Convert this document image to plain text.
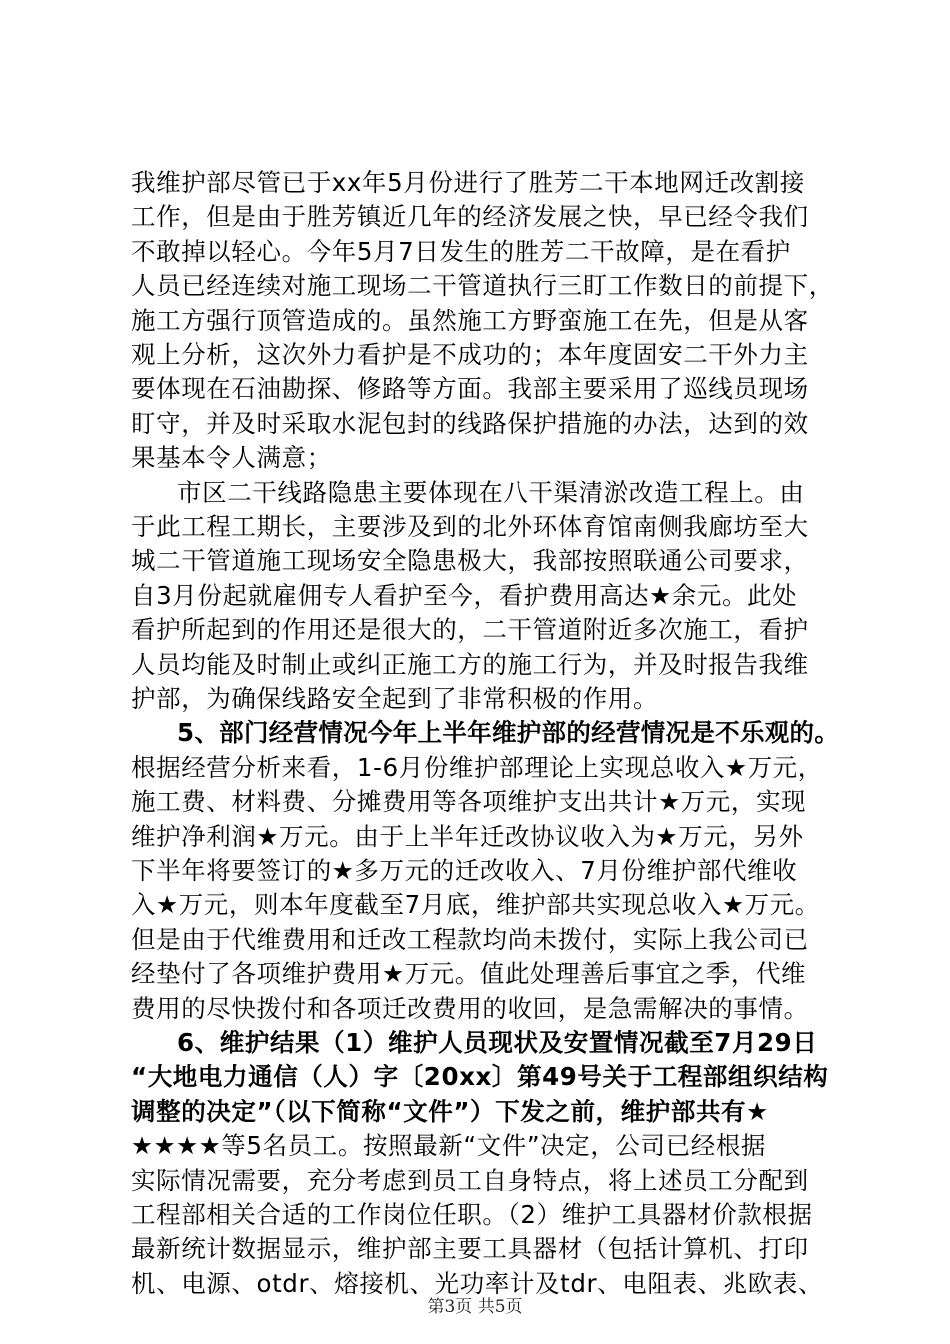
我维护部尽管已于xx年5月份进行了胜芳二干本地网迁改割接
工作，但是由于胜芳镇近几年的经济发展之快，早已经令我们
不敢掉以轻心。今年5月7日发生的胜芳二干故障，是在看护
人员已经连续对施工现场二干管道执行三盯工作数日的前提下，
施工方强行顶管造成的。虽然施工方野蛮施工在先，但是从客
观上分析，这次外力看护是不成功的；本年度固安二干外力主
要体现在石油勘探、修路等方面。我部主要采用了巡线员现场
盯守，并及时采取水泥包封的线路保护措施的办法，达到的效
果基本令人满意；
市区二干线路隐患主要体现在八干渠清淤改造工程上。由
于此工程工期长，主要涉及到的北外环体育馆南侧我廊坊至大
城二干管道施工现场安全隐患极大，我部按照联通公司要求，
自3月份起就雇佣专人看护至今，看护费用高达★余元。此处
看护所起到的作用还是很大的，二干管道附近多次施工，看护
人员均能及时制止或纠正施工方的施工行为，并及时报告我维
护部，为确保线路安全起到了非常积极的作用。
5、部门经营情况今年上半年维护部的经营情况是不乐观的。
根据经营分析来看，1-6月份维护部理论上实现总收入★万元，
施工费、材料费、分摊费用等各项维护支出共计★万元，实现
维护净利润★万元。由于上半年迁改协议收入为★万元，另外
下半年将要签订的★多万元的迁改收入、7月份维护部代维收
入★万元，则本年度截至7月底，维护部共实现总收入★万元。
但是由于代维费用和迁改工程款均尚未拨付，实际上我公司已
经垫付了各项维护费用★万元。值此处理善后事宜之季，代维
费用的尽快拨付和各项迁改费用的收回，是急需解决的事情。
6、维护结果（1）维护人员现状及安置情况截至7月29日
“大地电力通信（人）字〔20xx〕第49号关于工程部组织结构
调整的决定”（以下简称“文件”）下发之前，维护部共有★
★★★★等5名员工。按照最新“文件”决定，公司已经根据
实际情况需要，充分考虑到员工自身特点，将上述员工分配到
工程部相关合适的工作岗位任职。（2）维护工具器材价款根据
最新统计数据显示，维护部主要工具器材（包括计算机、打印
机、电源、otdr、熔接机、光功率计及tdr、电阻表、兆欧表、
第3页 共5页
